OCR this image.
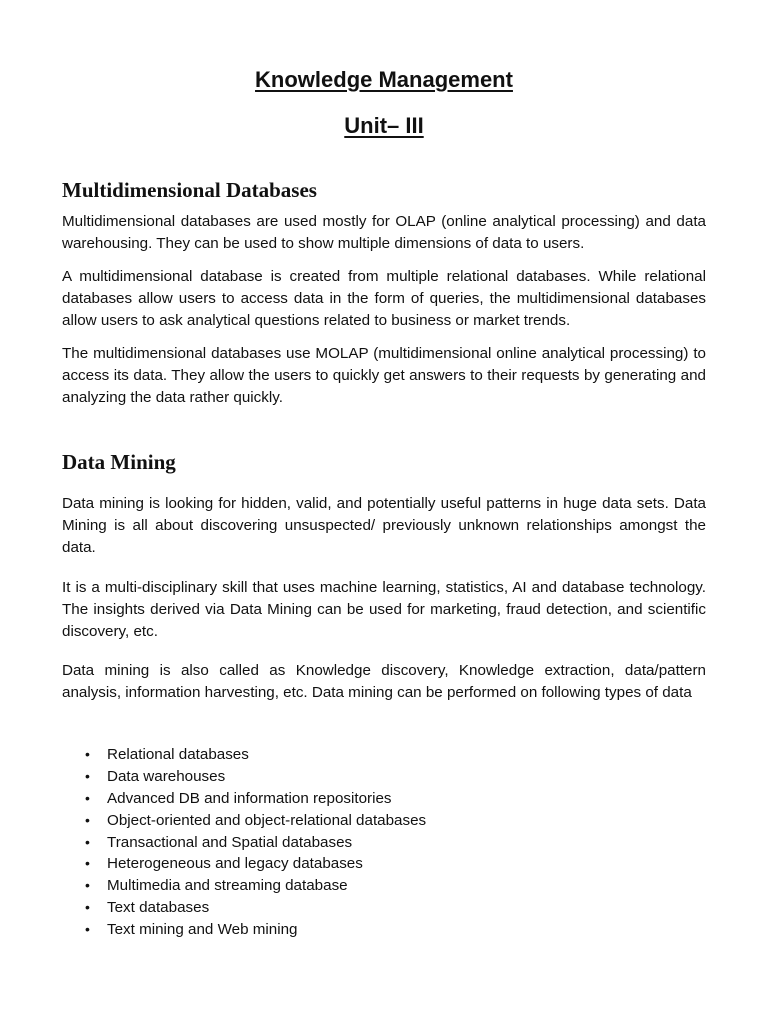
Knowledge Management
Unit– III
Multidimensional Databases

Multidimensional databases are used mostly for OLAP (online analytical processing) and data warehousing. They can be used to show multiple dimensions of data to users.

A multidimensional database is created from multiple relational databases. While relational databases allow users to access data in the form of queries, the multidimensional databases allow users to ask analytical questions related to business or market trends.

The multidimensional databases use MOLAP (multidimensional online analytical processing) to access its data. They allow the users to quickly get answers to their requests by generating and analyzing the data rather quickly.

Data Mining

Data mining is looking for hidden, valid, and potentially useful patterns in huge data sets. Data Mining is all about discovering unsuspected/ previously unknown relationships amongst the data.

It is a multi-disciplinary skill that uses machine learning, statistics, AI and database technology. The insights derived via Data Mining can be used for marketing, fraud detection, and scientific discovery, etc.

Data mining is also called as Knowledge discovery, Knowledge extraction, data/pattern analysis, information harvesting, etc. Data mining can be performed on following types of data

• Relational databases
• Data warehouses
• Advanced DB and information repositories
• Object-oriented and object-relational databases
• Transactional and Spatial databases
• Heterogeneous and legacy databases
• Multimedia and streaming database
• Text databases
• Text mining and Web mining
